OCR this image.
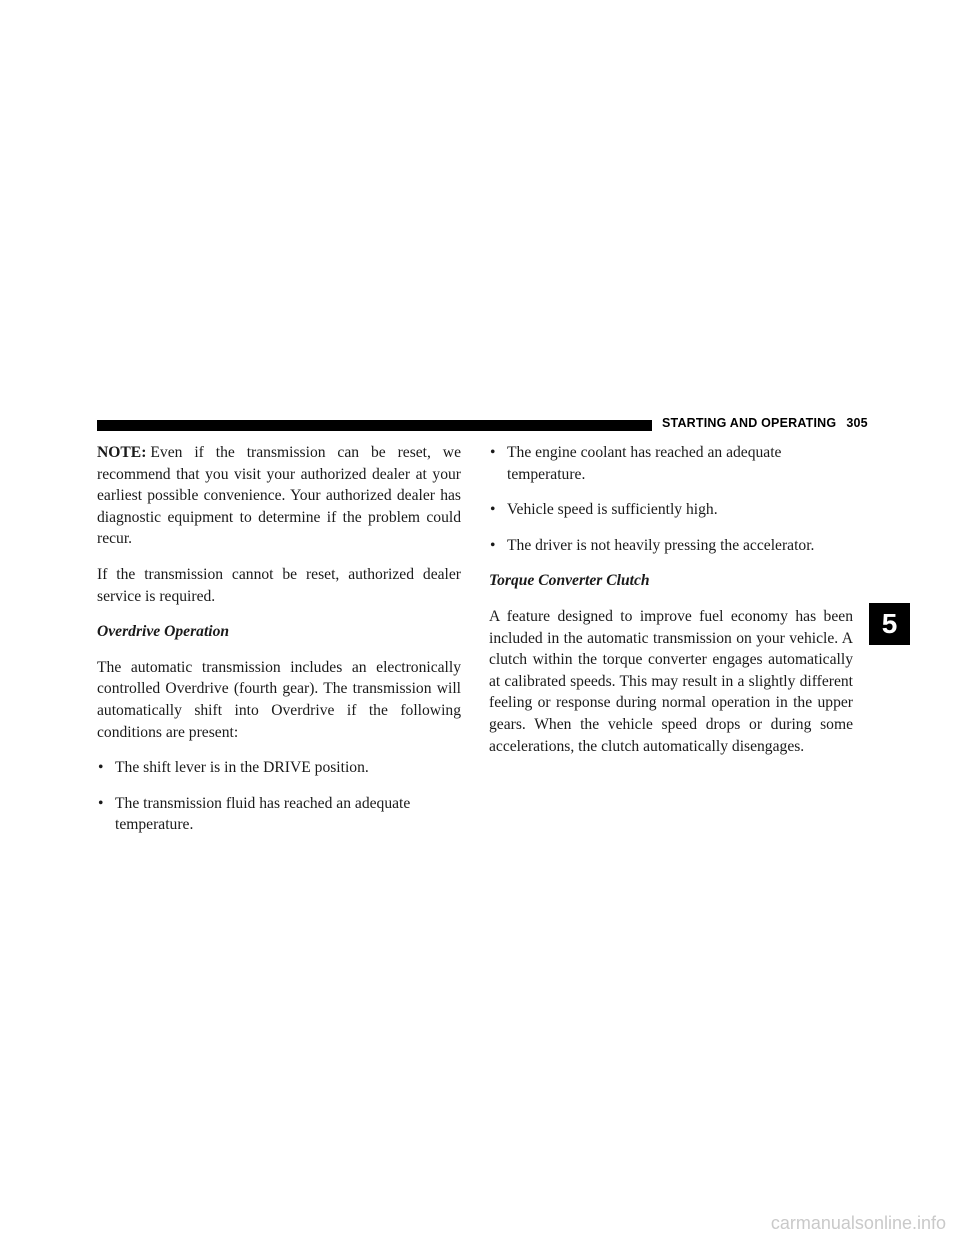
STARTING AND OPERATING 305

NOTE: Even if the transmission can be reset, we recommend that you visit your authorized dealer at your earliest possible convenience. Your authorized dealer has diagnostic equipment to determine if the problem could recur.

If the transmission cannot be reset, authorized dealer service is required.

Overdrive Operation

The automatic transmission includes an electronically controlled Overdrive (fourth gear). The transmission will automatically shift into Overdrive if the following conditions are present:

• The shift lever is in the DRIVE position.
• The transmission fluid has reached an adequate temperature.
• The engine coolant has reached an adequate temperature.
• Vehicle speed is sufficiently high.
• The driver is not heavily pressing the accelerator.
Torque Converter Clutch

A feature designed to improve fuel economy has been included in the automatic transmission on your vehicle. A clutch within the torque converter engages automatically at calibrated speeds. This may result in a slightly different feeling or response during normal operation in the upper gears. When the vehicle speed drops or during some accelerations, the clutch automatically disengages.

5
carmanualsonline.info
